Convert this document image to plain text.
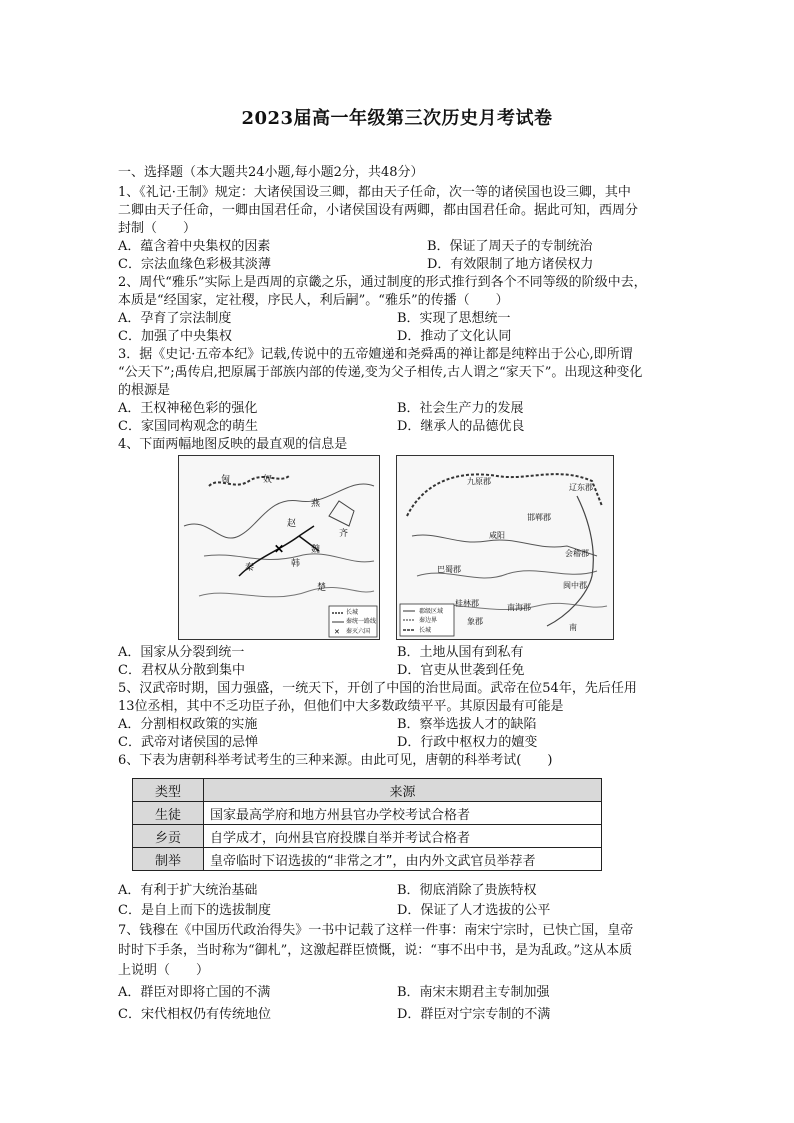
2023届高一年级第三次历史月考试卷
一、选择题（本大题共24小题,每小题2分，共48分）
1、《礼记·王制》规定：大诸侯国设三卿，都由天子任命，次一等的诸侯国也设三卿，其中
二卿由天子任命，一卿由国君任命，小诸侯国设有两卿，都由国君任命。据此可知，西周分
封制（　　）
A．蕴含着中央集权的因素	B．保证了周天子的专制统治
C．宗法血缘色彩极其淡薄	D．有效限制了地方诸侯权力
2、周代“雅乐”实际上是西周的京畿之乐，通过制度的形式推行到各个不同等级的阶级中去，
本质是“经国家，定社稷，序民人，利后嗣”。“雅乐”的传播（　　）
A．孕育了宗法制度	B．实现了思想统一
C．加强了中央集权	D．推动了文化认同
3．据《史记·五帝本纪》记载,传说中的五帝嬗递和尧舜禹的禅让都是纯粹出于公心,即所谓
“公天下”;禹传启,把原属于部族内部的传递,变为父子相传,古人谓之“家天下”。出现这种变化
的根源是
A．王权神秘色彩的强化	B．社会生产力的发展
C．家国同构观念的萌生	D．继承人的品德优良
4、下面两幅地图反映的最直观的信息是
✕
✕
匈	奴
燕
赵
秦	韩
魏
齐
楚
长城
秦统一路线
秦灭六国
九原郡
辽东郡
邯郸郡
咸阳
巴蜀郡
南海郡
桂林郡
闽中郡
会稽郡
象郡
南
郡级区域
秦边界
长城
A．国家从分裂到统一	B．土地从国有到私有
C．君权从分散到集中	D．官吏从世袭到任免
5、汉武帝时期，国力强盛，一统天下，开创了中国的治世局面。武帝在位54年，先后任用
13位丞相，其中不乏功臣子孙，但他们中大多数政绩平平。其原因最有可能是
A．分割相权政策的实施	B．察举选拔人才的缺陷
C．武帝对诸侯国的忌惮	D．行政中枢权力的嬗变
6、下表为唐朝科举考试考生的三种来源。由此可见，唐朝的科举考试(　　)
类型	来源
生徒	国家最高学府和地方州县官办学校考试合格者
乡贡	自学成才，向州县官府投牒自举并考试合格者
制举	皇帝临时下诏选拔的“非常之才”，由内外文武官员举荐者
A．有利于扩大统治基础	B．彻底消除了贵族特权
C．是自上而下的选拔制度	D．保证了人才选拔的公平
7、钱穆在《中国历代政治得失》一书中记载了这样一件事：南宋宁宗时，已快亡国，皇帝
时时下手条，当时称为“御札”，这激起群臣愤慨，说：“事不出中书，是为乱政。”这从本质
上说明（　　）
A．群臣对即将亡国的不满	B．南宋末期君主专制加强
C．宋代相权仍有传统地位	D．群臣对宁宗专制的不满
